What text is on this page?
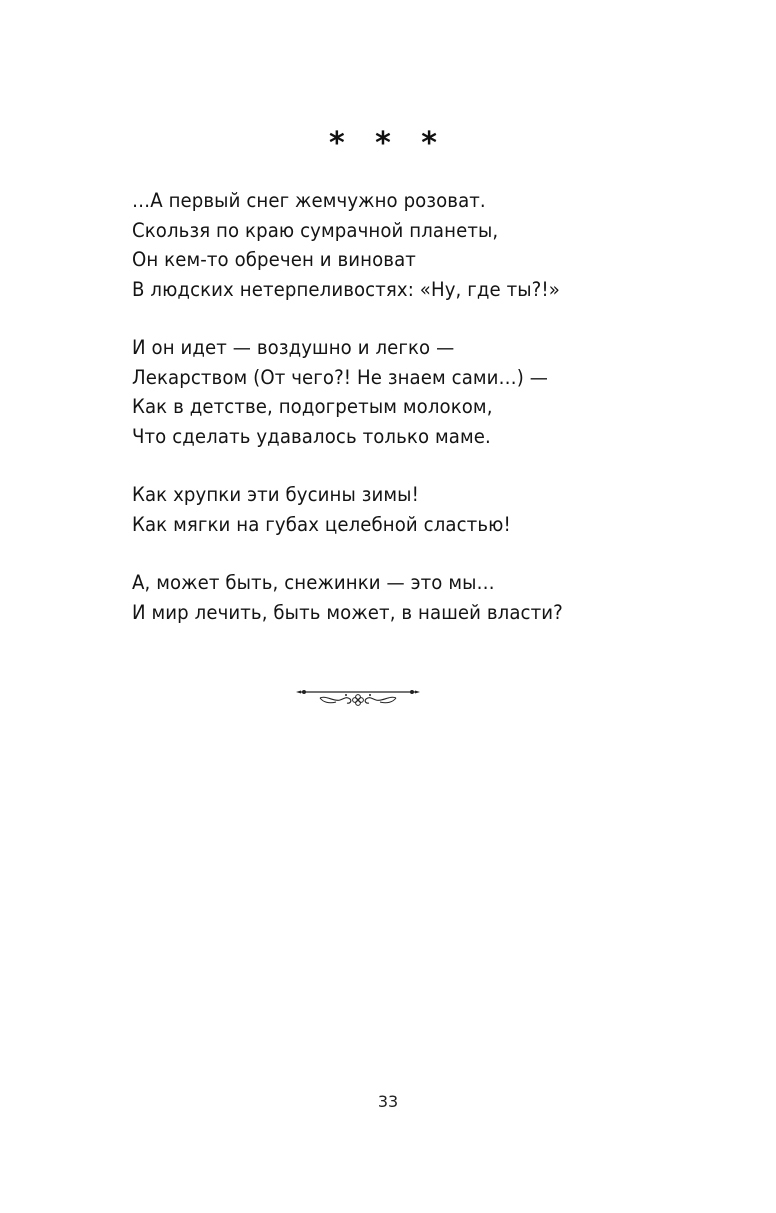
* * *
…А первый снег жемчужно розоват.
Скользя по краю сумрачной планеты,
Он кем-то обречен и виноват
В людских нетерпеливостях: «Ну, где ты?!»
И он идет — воздушно и легко —
Лекарством (От чего?! Не знаем сами…) —
Как в детстве, подогретым молоком,
Что сделать удавалось только маме.
Как хрупки эти бусины зимы!
Как мягки на губах целебной сластью!
А, может быть, снежинки — это мы…
И мир лечить, быть может, в нашей власти?
33
